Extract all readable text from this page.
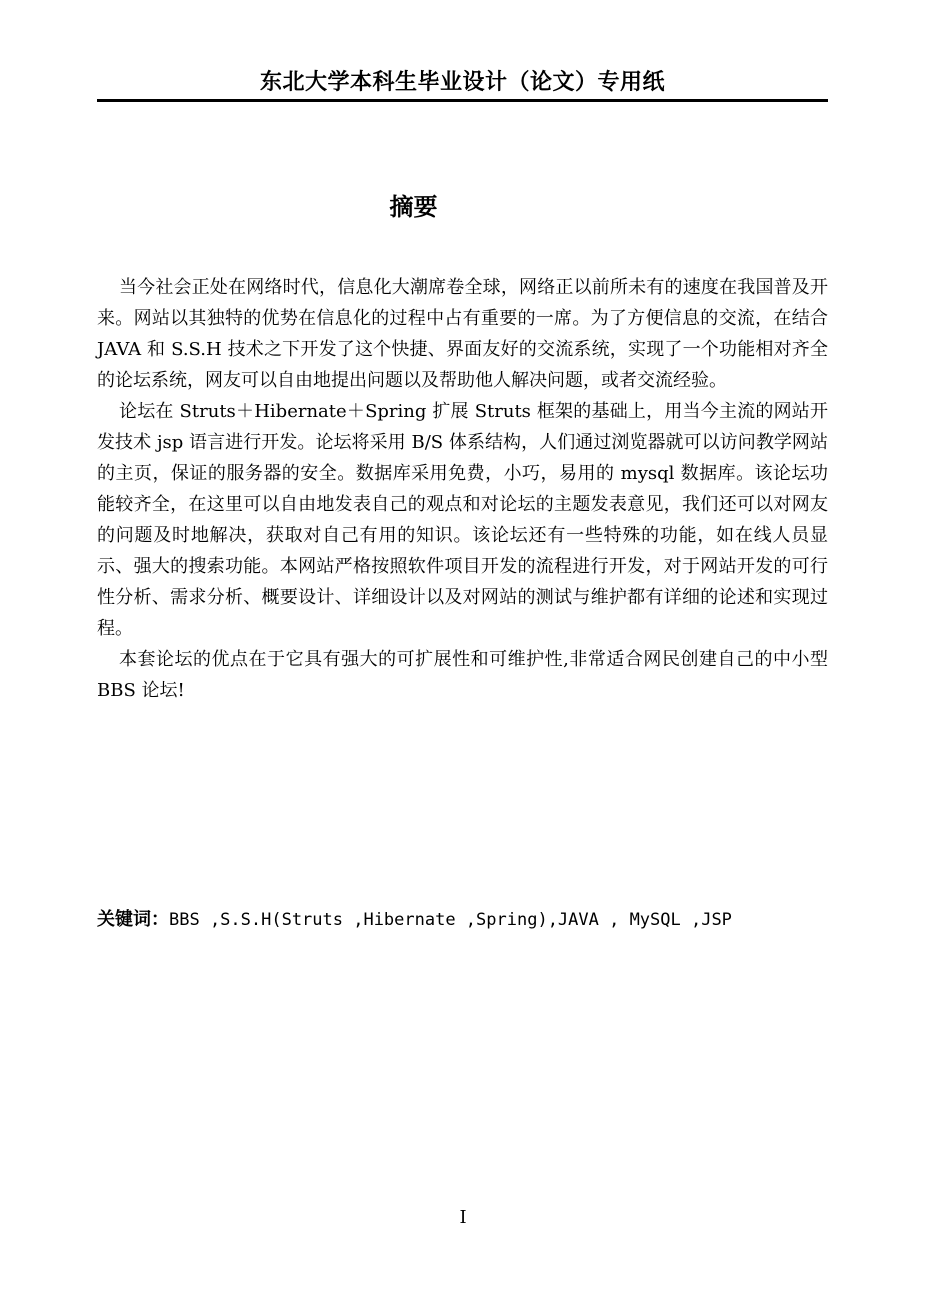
东北大学本科生毕业设计（论文）专用纸
摘要

当今社会正处在网络时代，信息化大潮席卷全球，网络正以前所未有的速度在我国普及开来。网站以其独特的优势在信息化的过程中占有重要的一席。为了方便信息的交流，在结合 JAVA 和 S.S.H 技术之下开发了这个快捷、界面友好的交流系统，实现了一个功能相对齐全的论坛系统，网友可以自由地提出问题以及帮助他人解决问题，或者交流经验。

论坛在 Struts＋Hibernate＋Spring 扩展 Struts 框架的基础上，用当今主流的网站开发技术 jsp 语言进行开发。论坛将采用 B/S 体系结构，人们通过浏览器就可以访问教学网站的主页，保证的服务器的安全。数据库采用免费，小巧，易用的 mysql 数据库。该论坛功能较齐全，在这里可以自由地发表自己的观点和对论坛的主题发表意见，我们还可以对网友的问题及时地解决，获取对自己有用的知识。该论坛还有一些特殊的功能，如在线人员显示、强大的搜索功能。本网站严格按照软件项目开发的流程进行开发，对于网站开发的可行性分析、需求分析、概要设计、详细设计以及对网站的测试与维护都有详细的论述和实现过程。

本套论坛的优点在于它具有强大的可扩展性和可维护性,非常适合网民创建自己的中小型 BBS 论坛!

关键词：BBS ,S.S.H(Struts ,Hibernate ,Spring),JAVA , MySQL ,JSP
I
